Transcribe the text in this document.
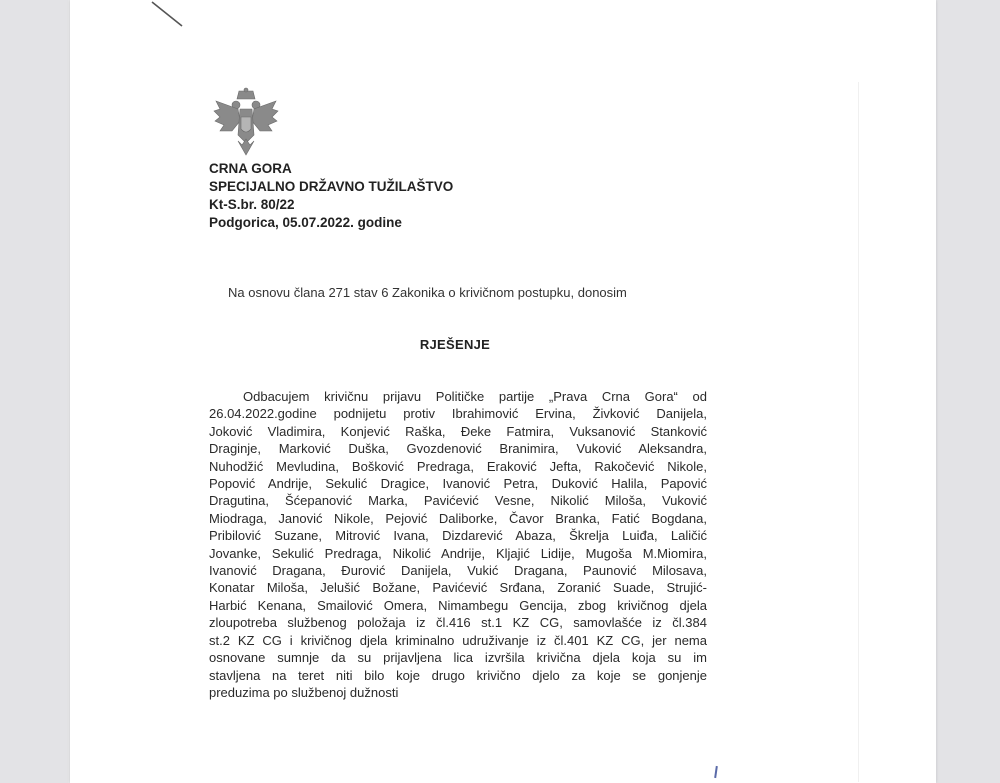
CRNA GORA
SPECIJALNO DRŽAVNO TUŽILAŠTVO
Kt-S.br. 80/22
Podgorica, 05.07.2022. godine
Na osnovu člana 271 stav 6 Zakonika o krivičnom postupku, donosim
RJEŠENJE
Odbacujem krivičnu prijavu Političke partije „Prava Crna Gora“ od
26.04.2022.godine podnijetu protiv Ibrahimović Ervina, Živković Danijela,
Joković Vladimira, Konjević Raška, Đeke Fatmira, Vuksanović Stanković
Draginje, Marković Duška, Gvozdenović Branimira, Vuković Aleksandra,
Nuhodžić Mevludina, Bošković Predraga, Eraković Jefta, Rakočević Nikole,
Popović Andrije, Sekulić Dragice, Ivanović Petra, Duković Halila, Papović
Dragutina, Šćepanović Marka, Pavićević Vesne, Nikolić Miloša, Vuković
Miodraga, Janović Nikole, Pejović Daliborke, Čavor Branka, Fatić Bogdana,
Pribilović Suzane, Mitrović Ivana, Dizdarević Abaza, Škrelja Luiđa, Laličić
Jovanke, Sekulić Predraga, Nikolić Andrije, Kljajić Lidije, Mugoša M.Miomira,
Ivanović Dragana, Đurović Danijela, Vukić Dragana, Paunović Milosava,
Konatar Miloša, Jelušić Božane, Pavićević Srđana, Zoranić Suade, Strujić-
Harbić Kenana, Smailović Omera, Nimambegu Gencija, zbog krivičnog djela
zloupotreba službenog položaja iz čl.416 st.1 KZ CG, samovlašće iz čl.384
st.2 KZ CG i krivičnog djela kriminalno udruživanje iz čl.401 KZ CG, jer nema
osnovane sumnje da su prijavljena lica izvršila krivična djela koja su im
stavljena na teret niti bilo koje drugo krivično djelo za koje se gonjenje
preduzima po službenoj dužnosti
